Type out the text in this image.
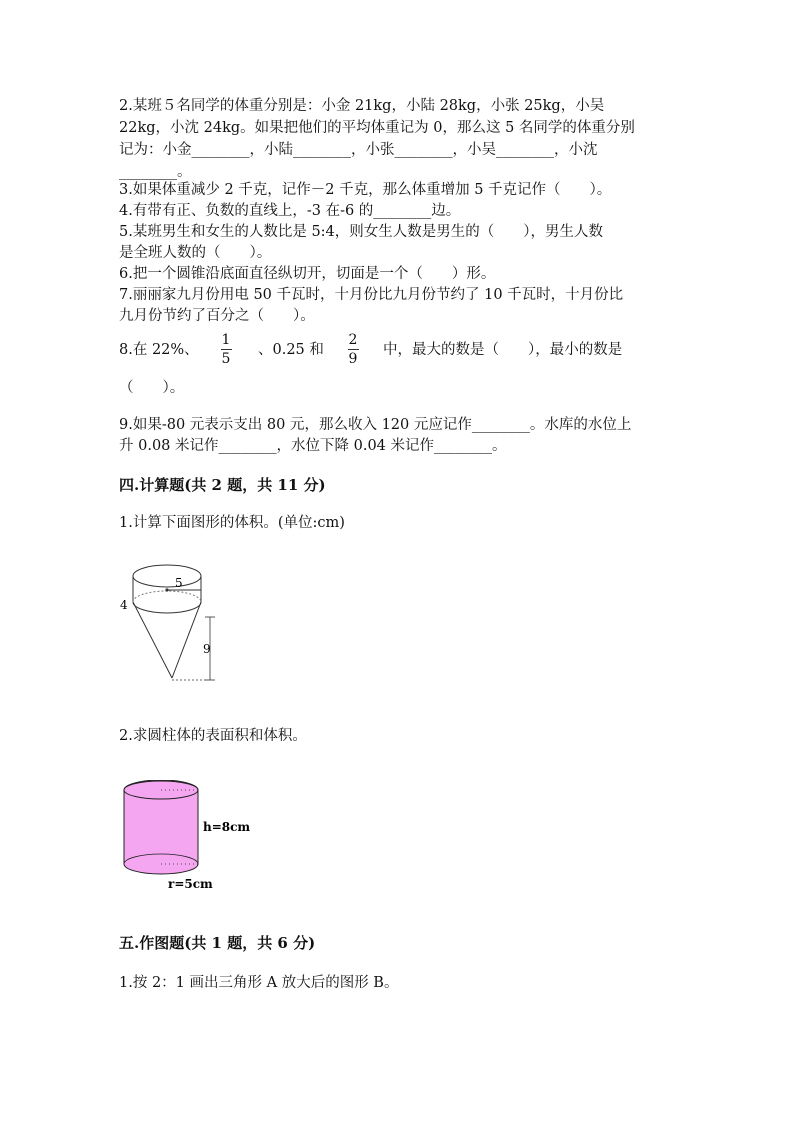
2.某班５名同学的体重分别是：小金 21kg，小陆 28kg，小张 25kg，小吴
22kg，小沈 24kg。如果把他们的平均体重记为 0，那么这 5 名同学的体重分别
记为：小金________，小陆________，小张________，小吴________，小沈
________。
3.如果体重减少 2 千克，记作－2 千克，那么体重增加 5 千克记作（　　）。
4.有带有正、负数的直线上，-3 在-6 的________边。
5.某班男生和女生的人数比是 5:4，则女生人数是男生的（　　），男生人数
是全班人数的（　　）。
6.把一个圆锥沿底面直径纵切开，切面是一个（　　）形。
7.丽丽家九月份用电 50 千瓦时，十月份比九月份节约了 10 千瓦时，十月份比
九月份节约了百分之（　　）。
8.在 22%、
1
5
、0.25 和
2
9
中，最大的数是（　　），最小的数是
（　　）。
9.如果-80 元表示支出 80 元，那么收入 120 元应记作________。水库的水位上
升 0.08 米记作________，水位下降 0.04 米记作________。
四.计算题(共 2 题，共 11 分)
1.计算下面图形的体积。(单位:cm)
5
4
9
2.求圆柱体的表面积和体积。
h=8cm
r=5cm
五.作图题(共 1 题，共 6 分)
1.按 2：1 画出三角形 A 放大后的图形 B。
